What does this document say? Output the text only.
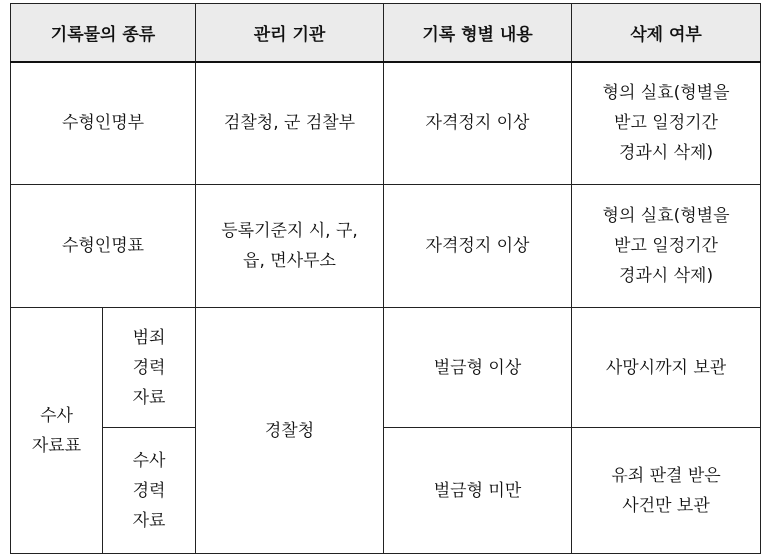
기록물의 종류		관리 기관	기록 형별 내용	삭제 여부
수형인명부		검찰청, 군 검찰부	자격정지 이상	형의 실효(형별을
받고 일정기간
경과시 삭제)

수형인명표		등록기준지 시, 구,
읍, 면사무소	자격정지 이상	형의 실효(형별을
받고 일정기간
경과시 삭제)

수사
자료표	범죄
경력
자료	경찰청	벌금형 이상	사망시까지 보관

	수사
경력
자료		벌금형 미만	유죄 판결 받은
사건만 보관
